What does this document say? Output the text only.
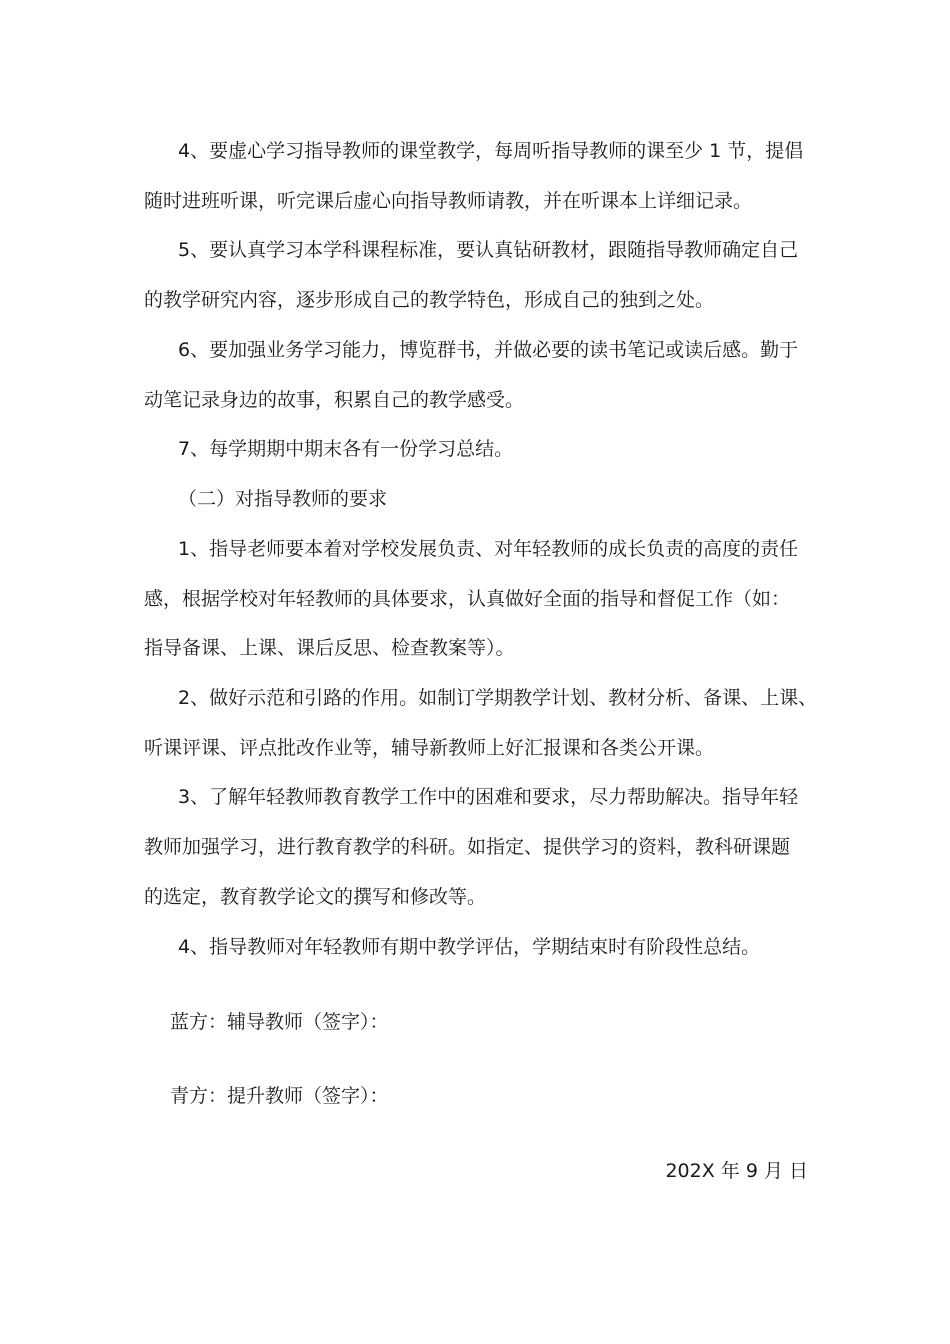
4、要虚心学习指导教师的课堂教学，每周听指导教师的课至少 1 节，提倡
随时进班听课，听完课后虚心向指导教师请教，并在听课本上详细记录。
5、要认真学习本学科课程标准，要认真钻研教材，跟随指导教师确定自己
的教学研究内容，逐步形成自己的教学特色，形成自己的独到之处。
6、要加强业务学习能力，博览群书，并做必要的读书笔记或读后感。勤于
动笔记录身边的故事，积累自己的教学感受。
7、每学期期中期末各有一份学习总结。
（二）对指导教师的要求
1、指导老师要本着对学校发展负责、对年轻教师的成长负责的高度的责任
感，根据学校对年轻教师的具体要求，认真做好全面的指导和督促工作（如：
指导备课、上课、课后反思、检查教案等）。
2、做好示范和引路的作用。如制订学期教学计划、教材分析、备课、上课、
听课评课、评点批改作业等，辅导新教师上好汇报课和各类公开课。
3、了解年轻教师教育教学工作中的困难和要求，尽力帮助解决。指导年轻
教师加强学习，进行教育教学的科研。如指定、提供学习的资料，教科研课题
的选定，教育教学论文的撰写和修改等。
4、指导教师对年轻教师有期中教学评估，学期结束时有阶段性总结。
蓝方：辅导教师（签字）：
青方：提升教师（签字）：
202X 年 9 月 日
